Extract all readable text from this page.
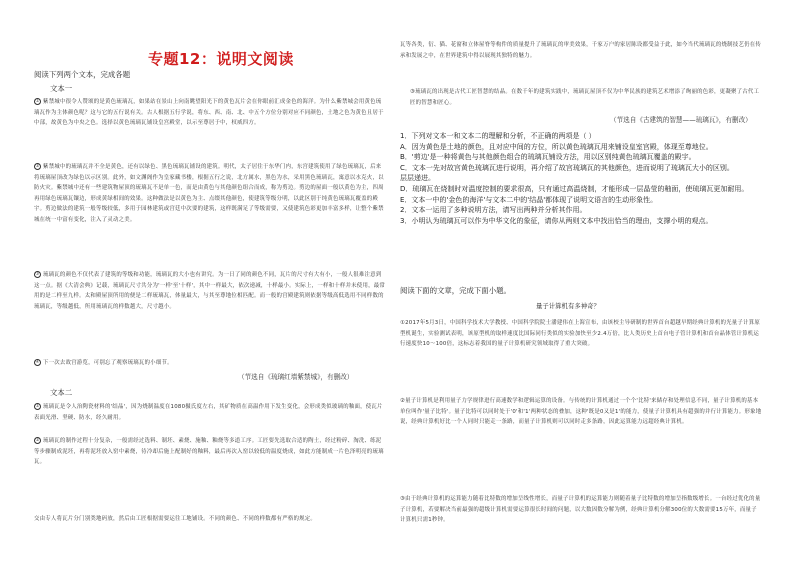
专题12：说明文阅读
阅读下列两个文本，完成各题
文本一
① 紫禁城中很令人赞颂的是黄色琉璃瓦，如果站在景山上向南眺望阳光下的黄色瓦片会在你眼前汇成金色的海洋。为什么紫禁城会用黄色琉璃瓦作为主体颜色呢？这与它的五行说有关。古人根据五行学说，将东、西、南、北、中五个方位分别对应不同颜色，土地之色为黄色且居于中部，故黄色为中央之色。选择以黄色琉璃瓦铺设皇宫殿堂，以示至尊居于中，权威四方。
② 紫禁城中的琉璃瓦并不全是黄色，还有以绿色、黑色琉璃瓦铺设的建筑。明代，太子居住于东华门内，东宫建筑使用了绿色琉璃瓦，后来将琉璃屋顶改为绿色以示区别。此外，如文渊阁作为皇家藏书楼，根据五行之说，北方属水，黑色为水，采用黑色琉璃瓦，寓意以水克火，以防火灾。紫禁城中还有一些建筑物屋顶的琉璃瓦不是单一色，而是由黄色与其他颜色组合而成，称为剪边。剪边的屋面一般以黄色为主，四周再用绿色琉璃瓦镶边，形成黄绿相间的效果。这种做法是以黄色为主、点缀其他颜色，使建筑等级分明，以此区别于纯黄色琉璃瓦覆盖的殿宇。剪边做法的建筑一般等级较低，多用于园林建筑或宫廷中次要的建筑，这样既满足了等级需要，又使建筑色彩更加丰富多样，让整个紫禁城在统一中富有变化，注入了灵动之美。
③ 琉璃瓦的颜色不仅代表了建筑的等级和功能，琉璃瓦的大小也有讲究。为一日了同的颜色不同，瓦片的尺寸有大有小，一般人很难注意到这一点。据《大清会典》记载，琉璃瓦尺寸共分为'一样'至'十样'，其中一样最大，依次递减，十样最小。实际上，一样和十样并未使用，最常用的是二样至九样。太和殿屋顶所用的便是二样琉璃瓦，体量最大，与其至尊地位相匹配。而一般的宫殿建筑则依据等级高低选用不同样数的琉璃瓦，等级越低，所用琉璃瓦的样数越大，尺寸越小。
④ 下一次去故宫游览，可别忘了观察琉璃瓦的小细节。
（节选自《琉璃红墙紫禁城》，有删改）
文本二
① 琉璃瓦是令人治陶瓷材料的'结晶'，因为烧制温度在1080摄氏度左右，其矿物质在高温作用下发生变化，会形成类似玻璃的釉面，使瓦片表面光滑、坚硬、防水，经久耐用。
② 琉璃瓦的制作过程十分复杂，一般需经过选料、制坯、素烧、施釉、釉烧等多道工序。工匠要先选取合适的陶土，经过粉碎、淘洗、练泥等步骤制成泥坯，再将泥坯放入窑中素烧，待冷却后施上配制好的釉料，最后再次入窑以较低的温度烧成，如此方能制成一片色泽明亮的琉璃瓦。
交由专人将瓦片分门别类地码放，然后由工匠根据需要运往工地铺设。不同的颜色、不同的样数都有严格的规定。
瓦等各类，衍、猫、花窗和立体屋脊等构件的质量提升了琉璃瓦的审美效果，千家万户的家居陈设都受益于此，如今当代琉璃瓦的烧制技艺仍在传承和发展之中，在世界建筑中得以展现其独特的魅力。
③琉璃瓦的出现是古代工匠智慧的结晶。在数千年的建筑实践中，琉璃瓦屋顶不仅为中华民族的建筑艺术增添了绚丽的色彩，更凝聚了古代工匠的智慧和匠心。
（节选自《古建筑的智慧——琉璃瓦》，有删改）
1．下列对文本一和文本二的理解和分析，不正确的两项是（ ）
A．因为黄色是土地的颜色，且对应中间的方位，所以黄色琉璃瓦用来铺设皇室宫殿，体现至尊地位。
B．'剪边'是一种将黄色与其他颜色组合的琉璃瓦铺设方法，用以区别纯黄色琉璃瓦覆盖的殿宇。
C．文本一先对故宫黄色琉璃瓦进行说明，再介绍了故宫琉璃瓦的其他颜色，进而说明了琉璃瓦大小的区别。
层层递进。
D．琉璃瓦在烧制时对温度控制的要求很高，只有通过高温烧制，才能形成一层晶莹的釉面，使琉璃瓦更加耐用。
E．文本一中的'金色的海洋'与文本二中的'结晶'都体现了说明文语言的生动形象性。
2．文本一运用了多种说明方法，请写出两种并分析其作用。
3．小明认为琉璃瓦可以作为中华文化的象征，请你从两则文本中找出恰当的理由，支撑小明的观点。
阅读下面的文章，完成下面小题。
量子计算机有多神奇？
①2017年5月3日，中国科学技术大学教授、中国科学院院士潘建伟在上海宣布，由该校主导研制的世界首台超越早期经典计算机的光量子计算原型机诞生，实验测试表明，该原型机的取样速度比国际同行类似的实验加快至少2.4万倍，比人类历史上首台电子管计算机和首台晶体管计算机运行速度快10～100倍，这标志着我国的量子计算机研究领域取得了重大突破。
②量子计算机是利用量子力学规律进行高速数学和逻辑运算的设备。与传统的计算机通过一个个'比特'来储存和处理信息不同，量子计算机的基本单位叫作'量子比特'。量子比特可以同时处于'0'和'1'两种状态的叠加，这种'既是0又是1'的能力，使量子计算机具有超强的并行计算能力。形象地说，经典计算机好比一个人同时只能走一条路，而量子计算机则可以同时走多条路，因此运算能力远超经典计算机。
③由于经典计算机的运算能力随着比特数的增加呈线性增长，而量子计算机的运算能力则随着量子比特数的增加呈指数级增长。一台经过优化的量子计算机，若要解决当前最强的超级计算机需要运算很长时间的问题，以大数因数分解为例，经典计算机分解300位的大数需要15万年，而量子计算机只需1秒钟。
